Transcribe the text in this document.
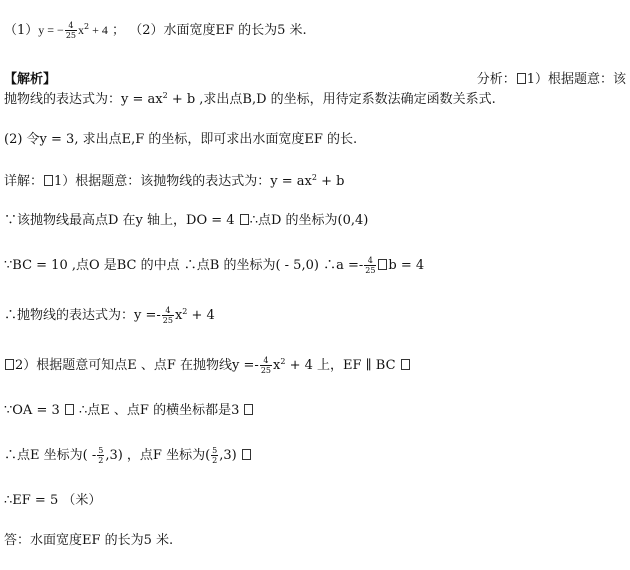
（1）y = − $\frac{4}{25} x^2 + 4$ ； （2）水面宽度EF 的长为5 米.
【解析】	分析： 1）根据题意：该
抛物线的表达式为：$y = ax^2 + b$ ,求出点B,D 的坐标，用待定系数法确定函数关系式.
(2) 令y = 3, 求出点E,F 的坐标，即可求出水面宽度EF 的长.
详解： 1）根据题意：该抛物线的表达式为：$y = ax^2 + b$
∵该抛物线最高点D 在y 轴上，DO = 4 ∴点D 的坐标为(0,4)
∵BC = 10 ,点O 是BC 的中点 ∴点B 的坐标为( - 5,0) ∴a =- $\frac{4}{25}$ b = 4
∴抛物线的表达式为：$y =- \frac{4}{25} x^2 + 4$
2）根据题意可知点E 、点F 在抛物线$y =- \frac{4}{25} x^2 + 4$ 上，EF ∥ BC
∵OA = 3  ∴点E 、点F 的横坐标都是3
∴点E 坐标为( - $\frac{5}{2} ,3$) ，点F 坐标为( $\frac{5}{2} ,3$)
∴EF = 5 （米）
答：水面宽度EF 的长为5 米.
